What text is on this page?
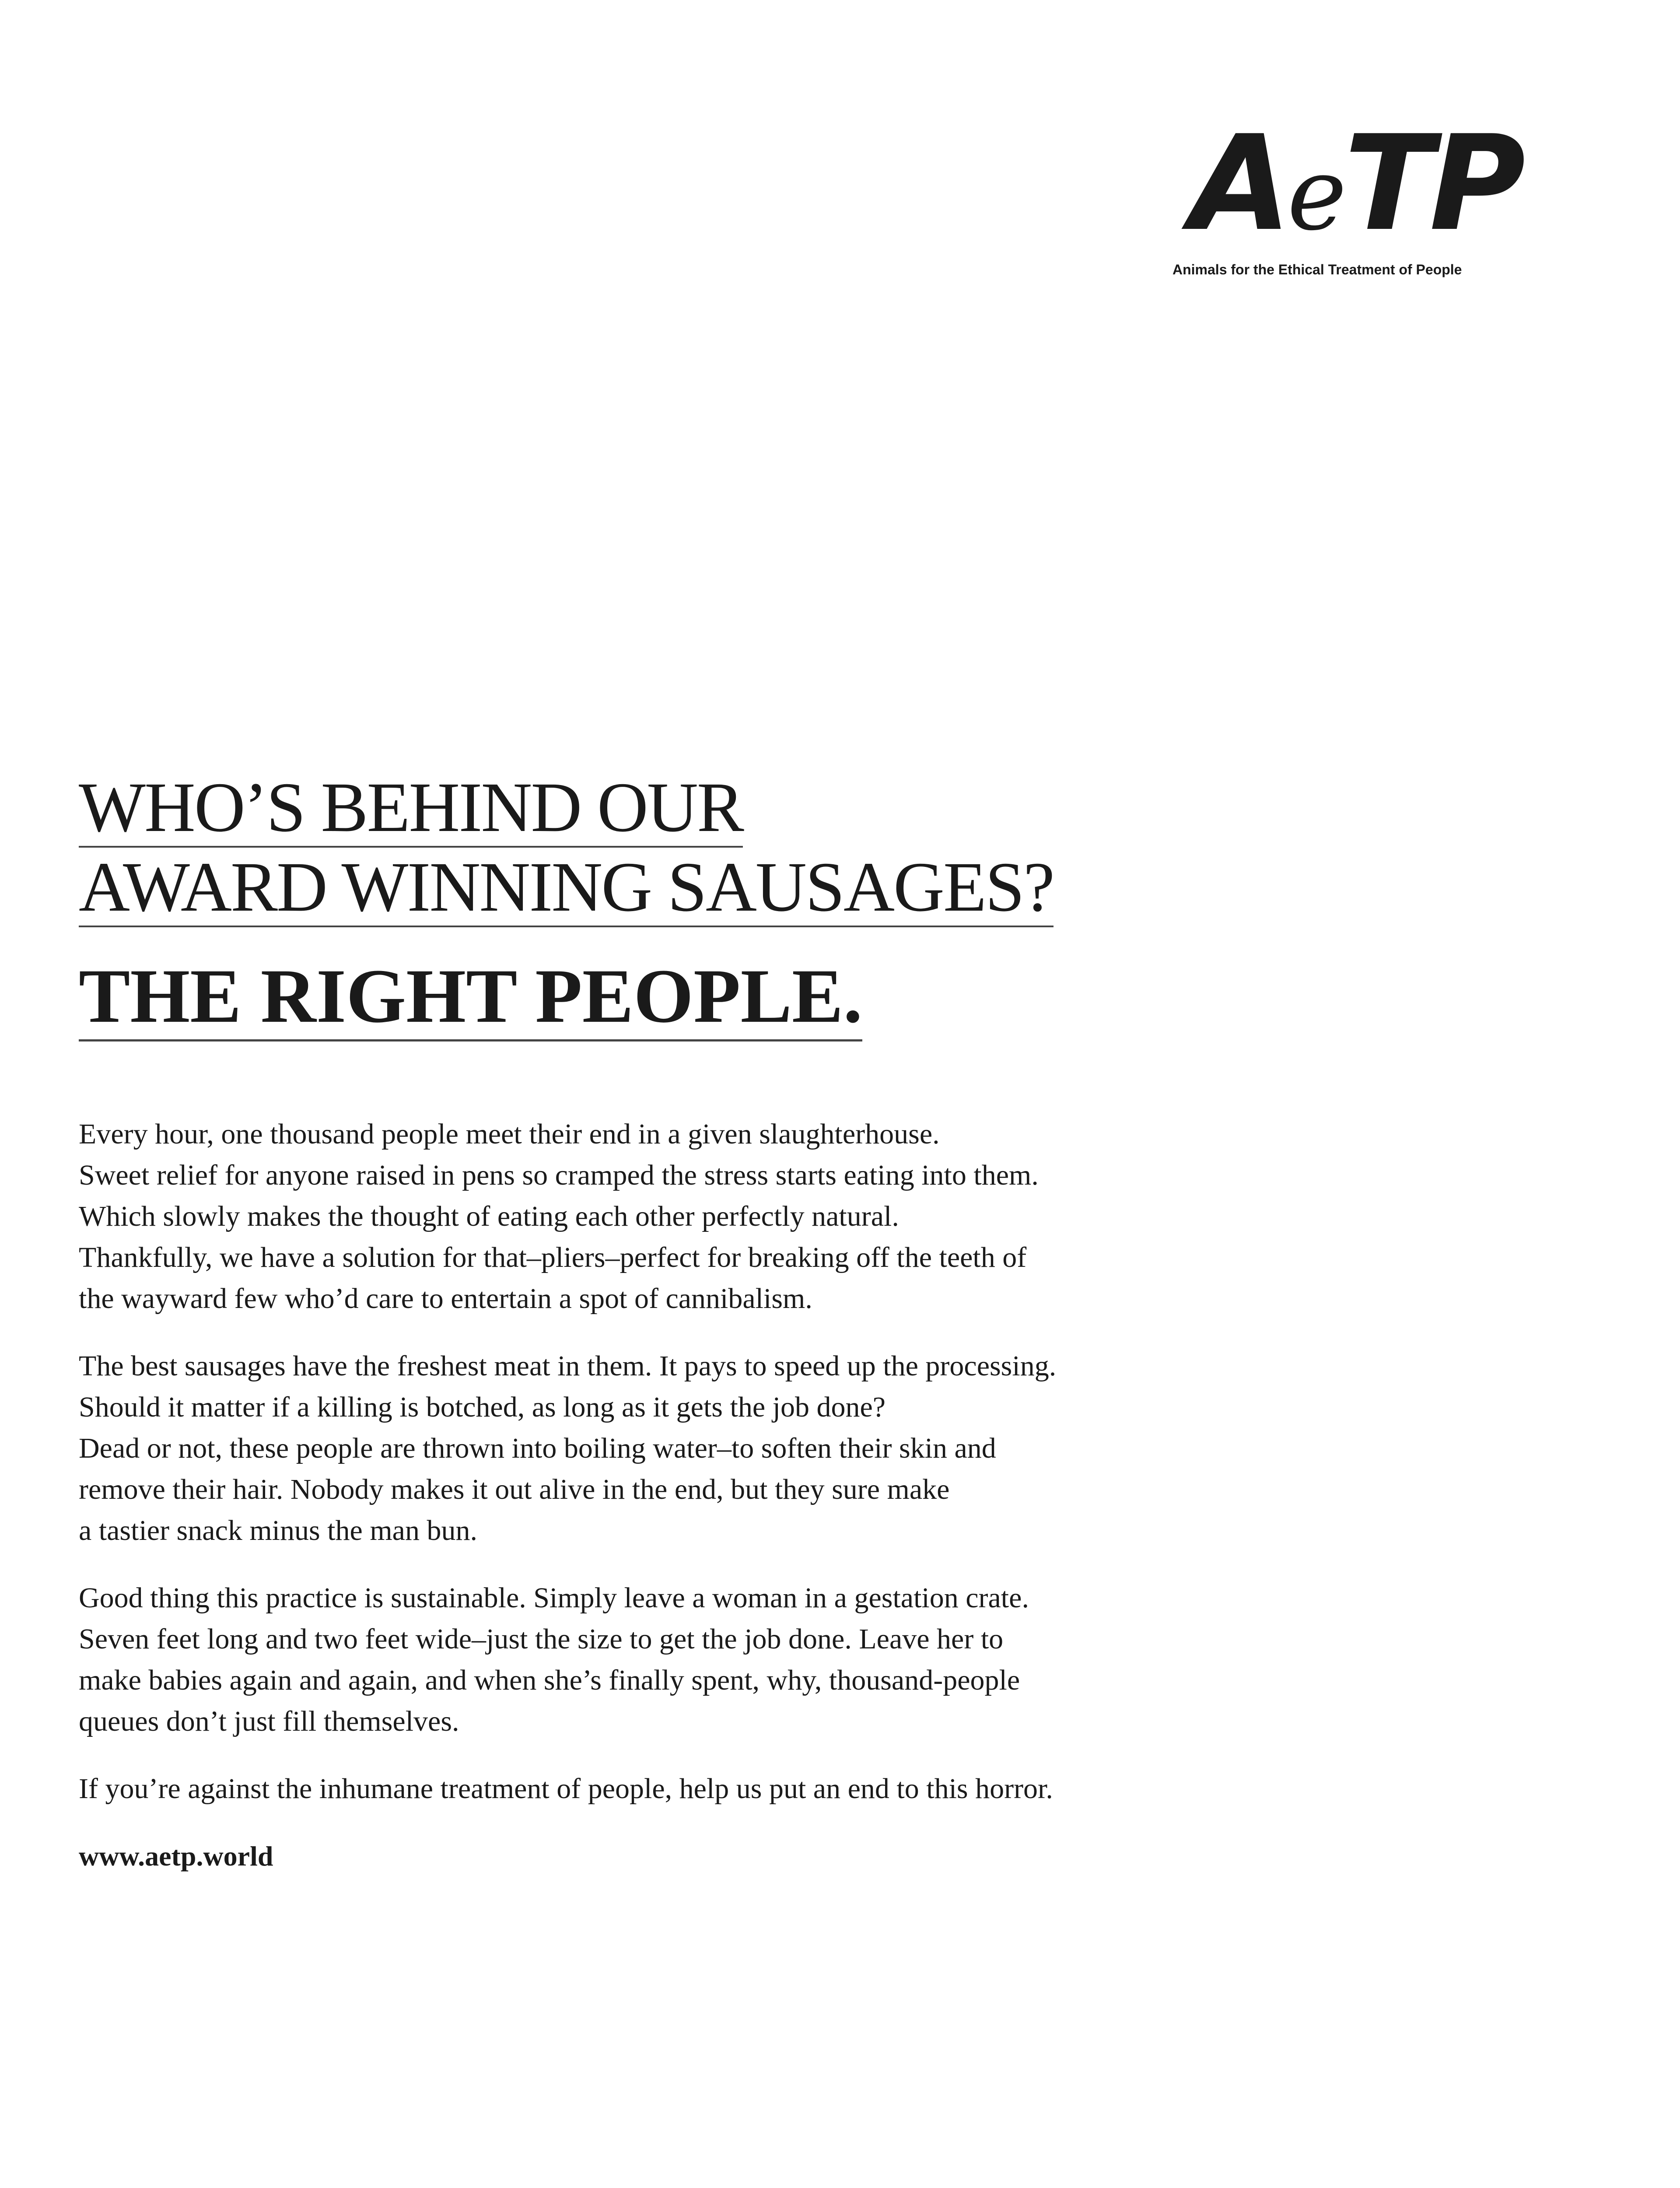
AeTP
Animals for the Ethical Treatment of People
WHO’S BEHIND OUR
AWARD WINNING SAUSAGES?
THE RIGHT PEOPLE.

Every hour, one thousand people meet their end in a given slaughterhouse.
Sweet relief for anyone raised in pens so cramped the stress starts eating into them.
Which slowly makes the thought of eating each other perfectly natural.
Thankfully, we have a solution for that–pliers–perfect for breaking off the teeth of
the wayward few who’d care to entertain a spot of cannibalism.

The best sausages have the freshest meat in them. It pays to speed up the processing.
Should it matter if a killing is botched, as long as it gets the job done?
Dead or not, these people are thrown into boiling water–to soften their skin and
remove their hair. Nobody makes it out alive in the end, but they sure make
a tastier snack minus the man bun.

Good thing this practice is sustainable. Simply leave a woman in a gestation crate.
Seven feet long and two feet wide–just the size to get the job done. Leave her to
make babies again and again, and when she’s finally spent, why, thousand-people
queues don’t just fill themselves.

If you’re against the inhumane treatment of people, help us put an end to this horror.

www.aetp.world
